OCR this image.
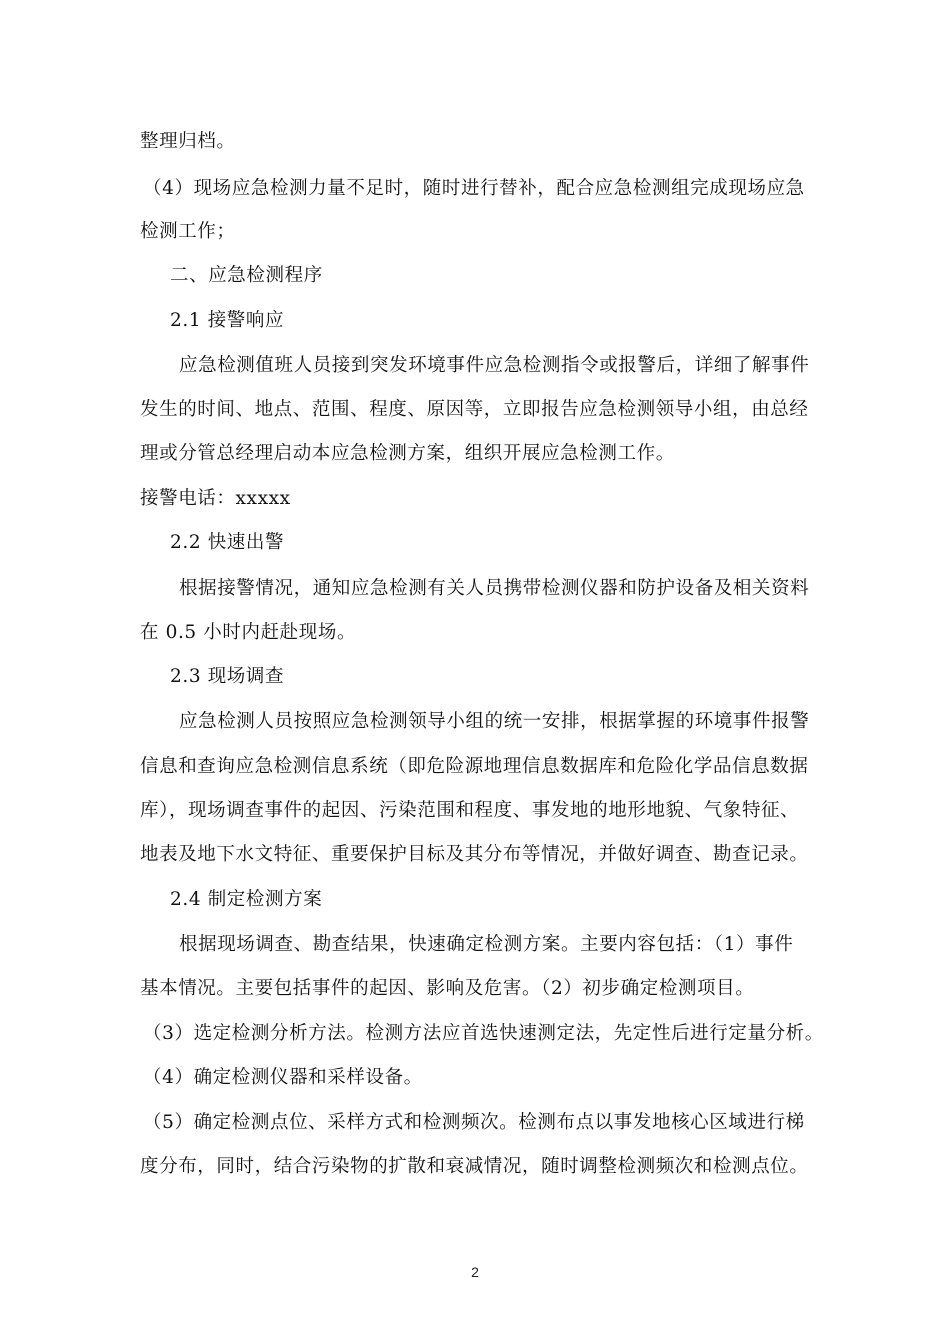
整理归档。
（4）现场应急检测力量不足时，随时进行替补，配合应急检测组完成现场应急
检测工作；
二、应急检测程序
2.1 接警响应
应急检测值班人员接到突发环境事件应急检测指令或报警后，详细了解事件
发生的时间、地点、范围、程度、原因等，立即报告应急检测领导小组，由总经
理或分管总经理启动本应急检测方案，组织开展应急检测工作。
接警电话：xxxxx
2.2 快速出警
根据接警情况，通知应急检测有关人员携带检测仪器和防护设备及相关资料
在 0.5 小时内赶赴现场。
2.3 现场调查
应急检测人员按照应急检测领导小组的统一安排，根据掌握的环境事件报警
信息和查询应急检测信息系统（即危险源地理信息数据库和危险化学品信息数据
库），现场调查事件的起因、污染范围和程度、事发地的地形地貌、气象特征、
地表及地下水文特征、重要保护目标及其分布等情况，并做好调查、勘查记录。
2.4 制定检测方案
根据现场调查、勘查结果，快速确定检测方案。主要内容包括：（1）事件
基本情况。主要包括事件的起因、影响及危害。（2）初步确定检测项目。
（3）选定检测分析方法。检测方法应首选快速测定法，先定性后进行定量分析。
（4）确定检测仪器和采样设备。
（5）确定检测点位、采样方式和检测频次。检测布点以事发地核心区域进行梯
度分布，同时，结合污染物的扩散和衰减情况，随时调整检测频次和检测点位。
2
